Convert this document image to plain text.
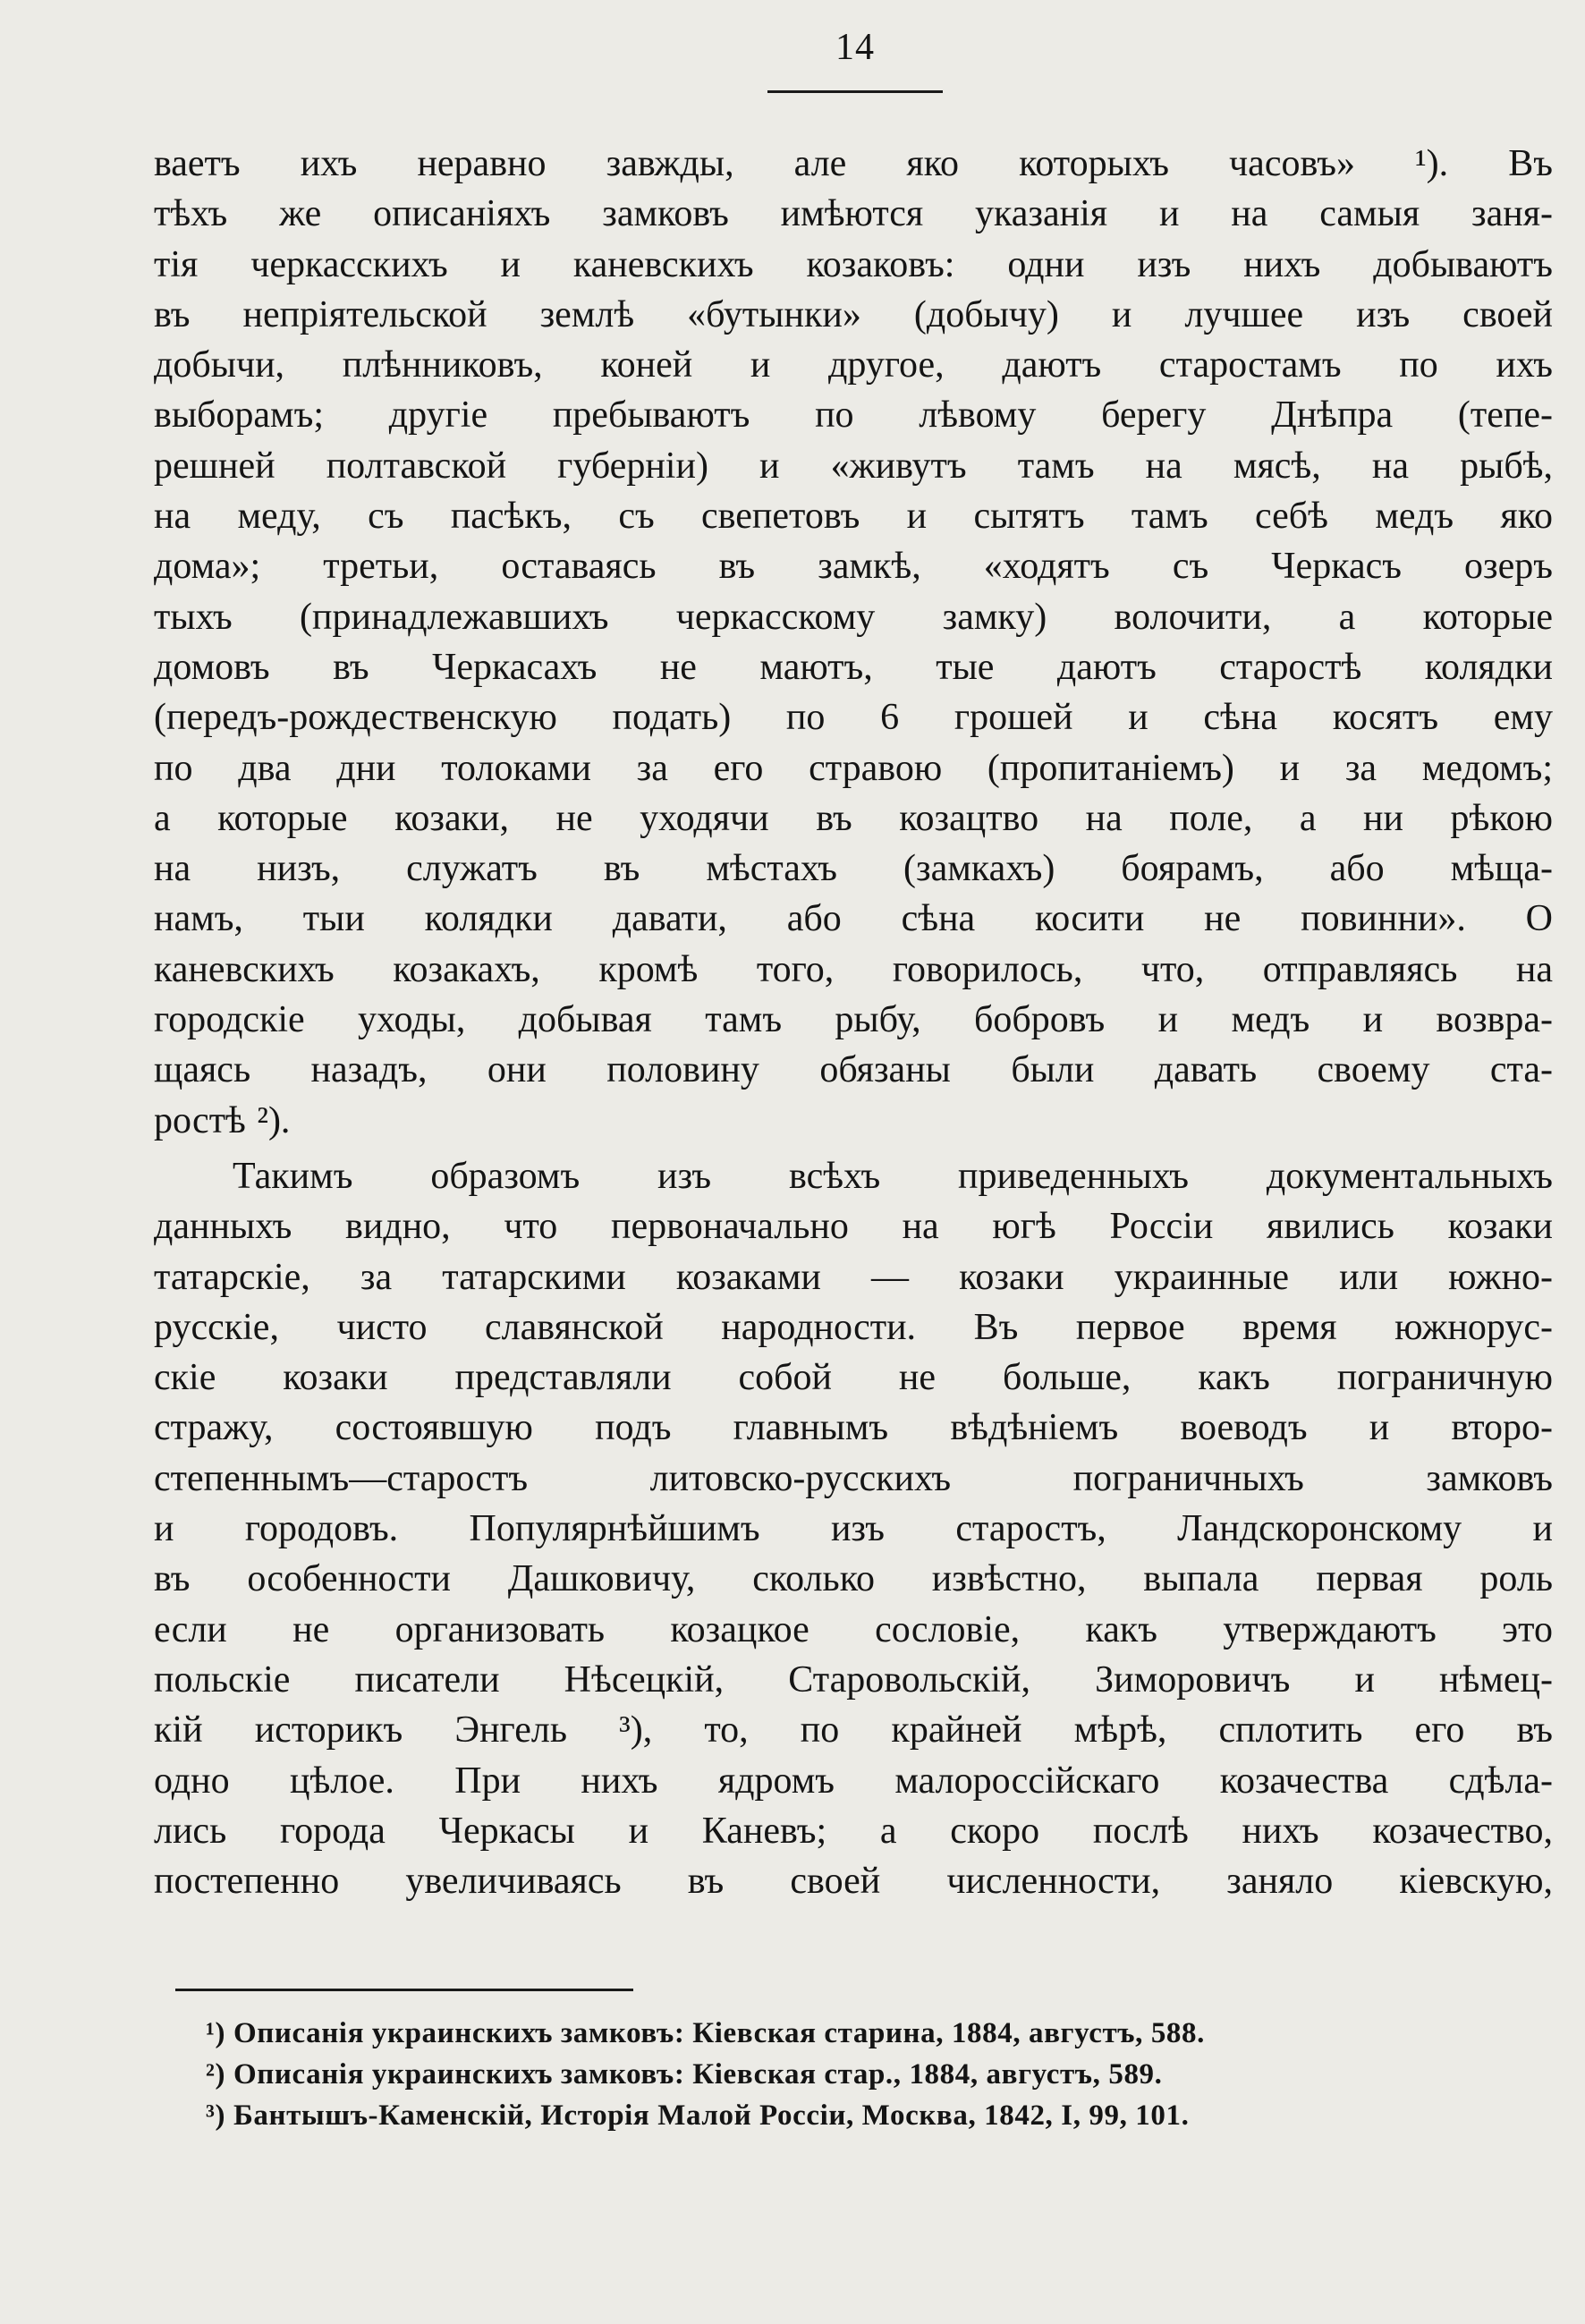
14
ваетъ ихъ неравно завжды, але яко которыхъ часовъ» ¹). Въ
тѣхъ же описаніяхъ замковъ имѣются указанія и на самыя заня-
тія черкасскихъ и каневскихъ козаковъ: одни изъ нихъ добываютъ
въ непріятельской землѣ «бутынки» (добычу) и лучшее изъ своей
добычи, плѣнниковъ, коней и другое, даютъ старостамъ по ихъ
выборамъ; другіе пребываютъ по лѣвому берегу Днѣпра (тепе-
решней полтавской губерніи) и «живутъ тамъ на мясѣ, на рыбѣ,
на меду, съ пасѣкъ, съ свепетовъ и сытятъ тамъ себѣ медъ яко
дома»; третьи, оставаясь въ замкѣ, «ходятъ съ Черкасъ озеръ
тыхъ (принадлежавшихъ черкасскому замку) волочити, а которые
домовъ въ Черкасахъ не маютъ, тые даютъ старостѣ колядки
(передъ-рождественскую подать) по 6 грошей и сѣна косятъ ему
по два дни толоками за его стравою (пропитаніемъ) и за медомъ;
а которые козаки, не уходячи въ козацтво на поле, а ни рѣкою
на низъ, служатъ въ мѣстахъ (замкахъ) боярамъ, або мѣща-
намъ, тыи колядки давати, або сѣна косити не повинни». О
каневскихъ козакахъ, кромѣ того, говорилось, что, отправляясь на
городскіе уходы, добывая тамъ рыбу, бобровъ и медъ и возвра-
щаясь назадъ, они половину обязаны были давать своему ста-
ростѣ ²).
Такимъ образомъ изъ всѣхъ приведенныхъ документальныхъ
данныхъ видно, что первоначально на югѣ Россіи явились козаки
татарскіе, за татарскими козаками — козаки украинные или южно-
русскіе, чисто славянской народности. Въ первое время южнорус-
скіе козаки представляли собой не больше, какъ пограничную
стражу, состоявшую подъ главнымъ вѣдѣніемъ воеводъ и второ-
степеннымъ—старостъ литовско-русскихъ пограничныхъ замковъ
и городовъ. Популярнѣйшимъ изъ старостъ, Ландскоронскому и
въ особенности Дашковичу, сколько извѣстно, выпала первая роль
если не организовать козацкое сословіе, какъ утверждаютъ это
польскіе писатели Нѣсецкій, Старовольскій, Зиморовичъ и нѣмец-
кій историкъ Энгель ³), то, по крайней мѣрѣ, сплотить его въ
одно цѣлое. При нихъ ядромъ малороссійскаго козачества сдѣла-
лись города Черкасы и Каневъ; а скоро послѣ нихъ козачество,
постепенно увеличиваясь въ своей численности, заняло кіевскую,
¹) Описанія украинскихъ замковъ: Кіевская старина, 1884, августъ, 588.
²) Описанія украинскихъ замковъ: Кіевская стар., 1884, августъ, 589.
³) Бантышъ-Каменскій, Исторія Малой Россіи, Москва, 1842, I, 99, 101.
